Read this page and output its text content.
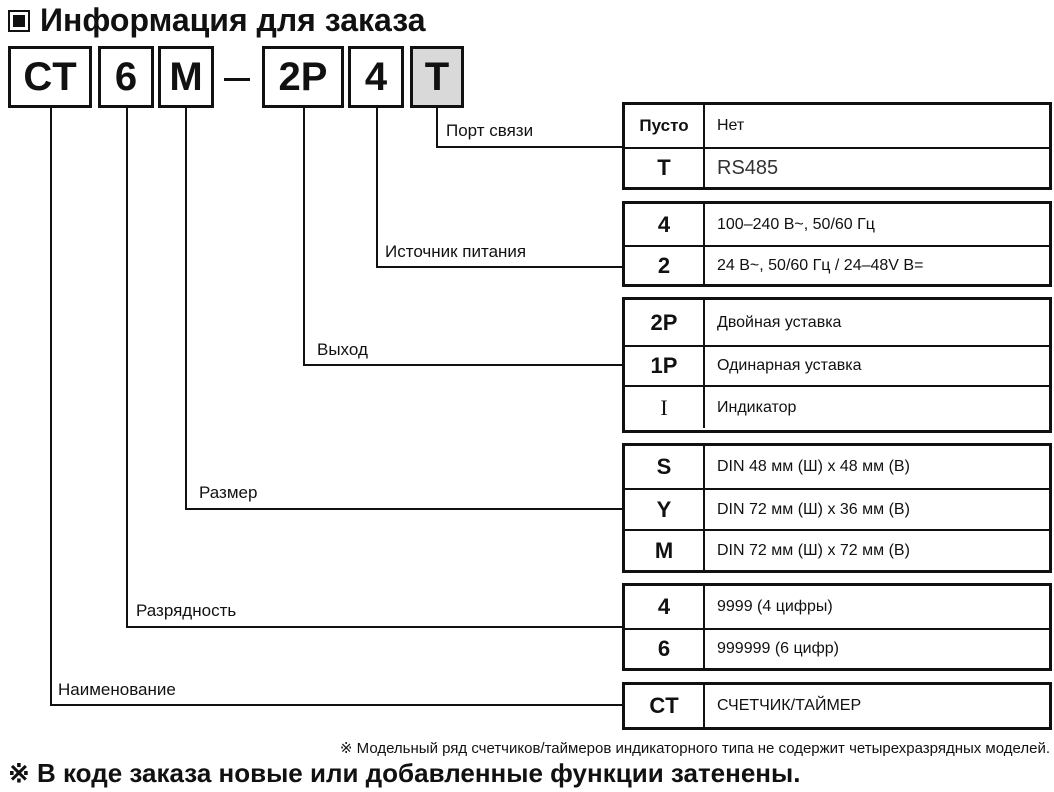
Информация для заказа
CT 6 M	2P 4 T
Порт связи
Источник питания
Выход
Размер
Разрядность
Наименование
Пусто	Нет
T	RS485
4	100–240 В~, 50/60 Гц
2	24 В~, 50/60 Гц / 24–48V В=
2P	Двойная уставка
1P	Одинарная уставка
I	Индикатор
S	DIN 48 мм (Ш) x 48 мм (В)
Y	DIN 72 мм (Ш) x 36 мм (В)
M	DIN 72 мм (Ш) x 72 мм (В)
4	9999 (4 цифры)
6	999999 (6 цифр)
CT	СЧЕТЧИК/ТАЙМЕР
※ Модельный ряд счетчиков/таймеров индикаторного типа не содержит четырехразрядных моделей.
※ В коде заказа новые или добавленные функции затенены.
